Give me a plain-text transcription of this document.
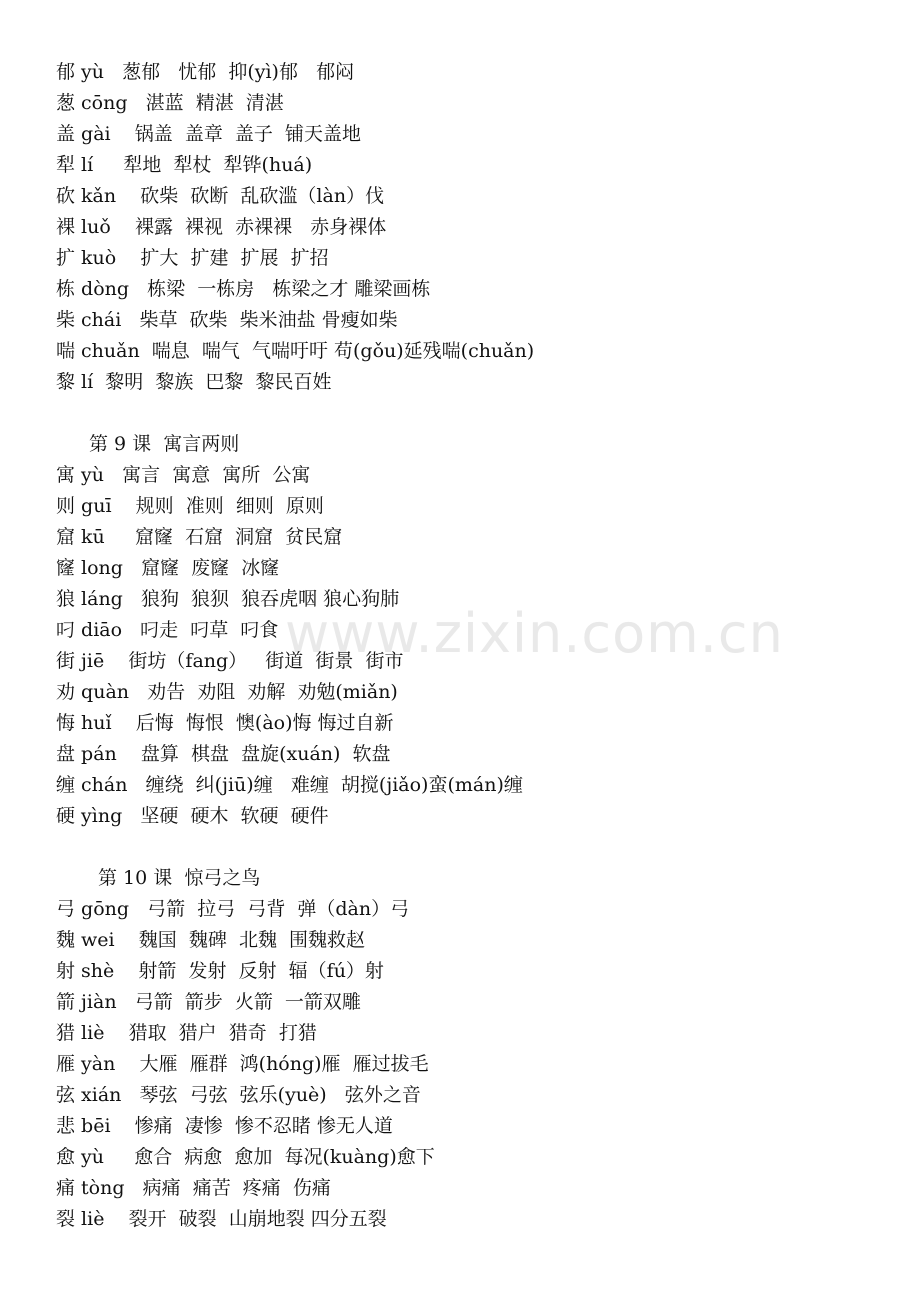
www.zixin.com.cn
郁 yù   葱郁   忧郁  抑(yì)郁   郁闷
葱 cōng   湛蓝  精湛  清湛
盖 gài    锅盖  盖章  盖子  铺天盖地
犁 lí     犁地  犁杖  犁铧(huá)
砍 kǎn    砍柴  砍断  乱砍滥（làn）伐
裸 luǒ    裸露  裸视  赤裸裸   赤身裸体
扩 kuò    扩大  扩建  扩展  扩招
栋 dòng   栋梁  一栋房   栋梁之才 雕梁画栋
柴 chái   柴草  砍柴  柴米油盐 骨瘦如柴
喘 chuǎn  喘息  喘气  气喘吁吁 苟(gǒu)延残喘(chuǎn)
黎 lí  黎明  黎族  巴黎  黎民百姓
第 9 课  寓言两则
寓 yù   寓言  寓意  寓所  公寓
则 guī    规则  准则  细则  原则
窟 kū     窟窿  石窟  洞窟  贫民窟
窿 long   窟窿  废窿  冰窿
狼 láng   狼狗  狼狈  狼吞虎咽 狼心狗肺
叼 diāo   叼走  叼草  叼食
街 jiē    街坊（fang）   街道  街景  街市
劝 quàn   劝告  劝阻  劝解  劝勉(miǎn)
悔 huǐ    后悔  悔恨  懊(ào)悔 悔过自新
盘 pán    盘算  棋盘  盘旋(xuán)  软盘
缠 chán   缠绕  纠(jiū)缠   难缠  胡搅(jiǎo)蛮(mán)缠
硬 yìng   坚硬  硬木  软硬  硬件
第 10 课  惊弓之鸟
弓 gōng   弓箭  拉弓  弓背  弹（dàn）弓
魏 wei    魏国  魏碑  北魏  围魏救赵
射 shè    射箭  发射  反射  辐（fú）射
箭 jiàn   弓箭  箭步  火箭  一箭双雕
猎 liè    猎取  猎户  猎奇  打猎
雁 yàn    大雁  雁群  鸿(hóng)雁  雁过拔毛
弦 xián   琴弦  弓弦  弦乐(yuè)   弦外之音
悲 bēi    惨痛  凄惨  惨不忍睹 惨无人道
愈 yù     愈合  病愈  愈加  每况(kuàng)愈下
痛 tòng   病痛  痛苦  疼痛  伤痛
裂 liè    裂开  破裂  山崩地裂 四分五裂
